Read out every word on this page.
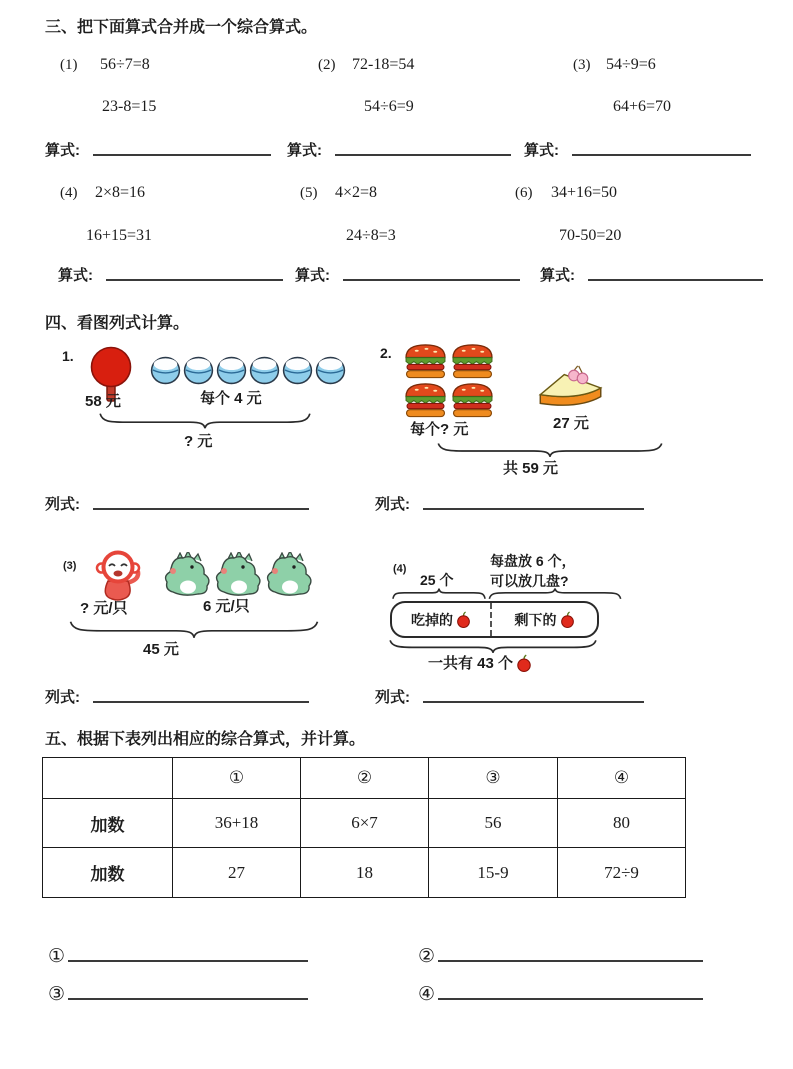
三、把下面算式合并成一个综合算式。
(1) 56÷7=8
23-8=15
(2) 72-18=54
54÷6=9
(3) 54÷9=6
64+6=70
算式:	算式:	算式:
(4) 2×8=16
16+15=31
(5) 4×2=8
24÷8=3
(6) 34+16=50
70-50=20
算式:	算式:	算式:
四、看图列式计算。
1.
58 元	每个 4 元
? 元
2.
每个? 元	27 元
共 59 元
列式:	列式:
(3)
? 元/只	6 元/只
45 元
(4)
25 个
每盘放 6 个，
可以放几盘?
吃掉的	剩下的
一共有 43 个
列式:	列式:
五、根据下表列出相应的综合算式，并计算。
	①	②	③	④
加数	36+18	6×7	56	80
加数	27	18	15-9	72÷9
①	②
③	④
